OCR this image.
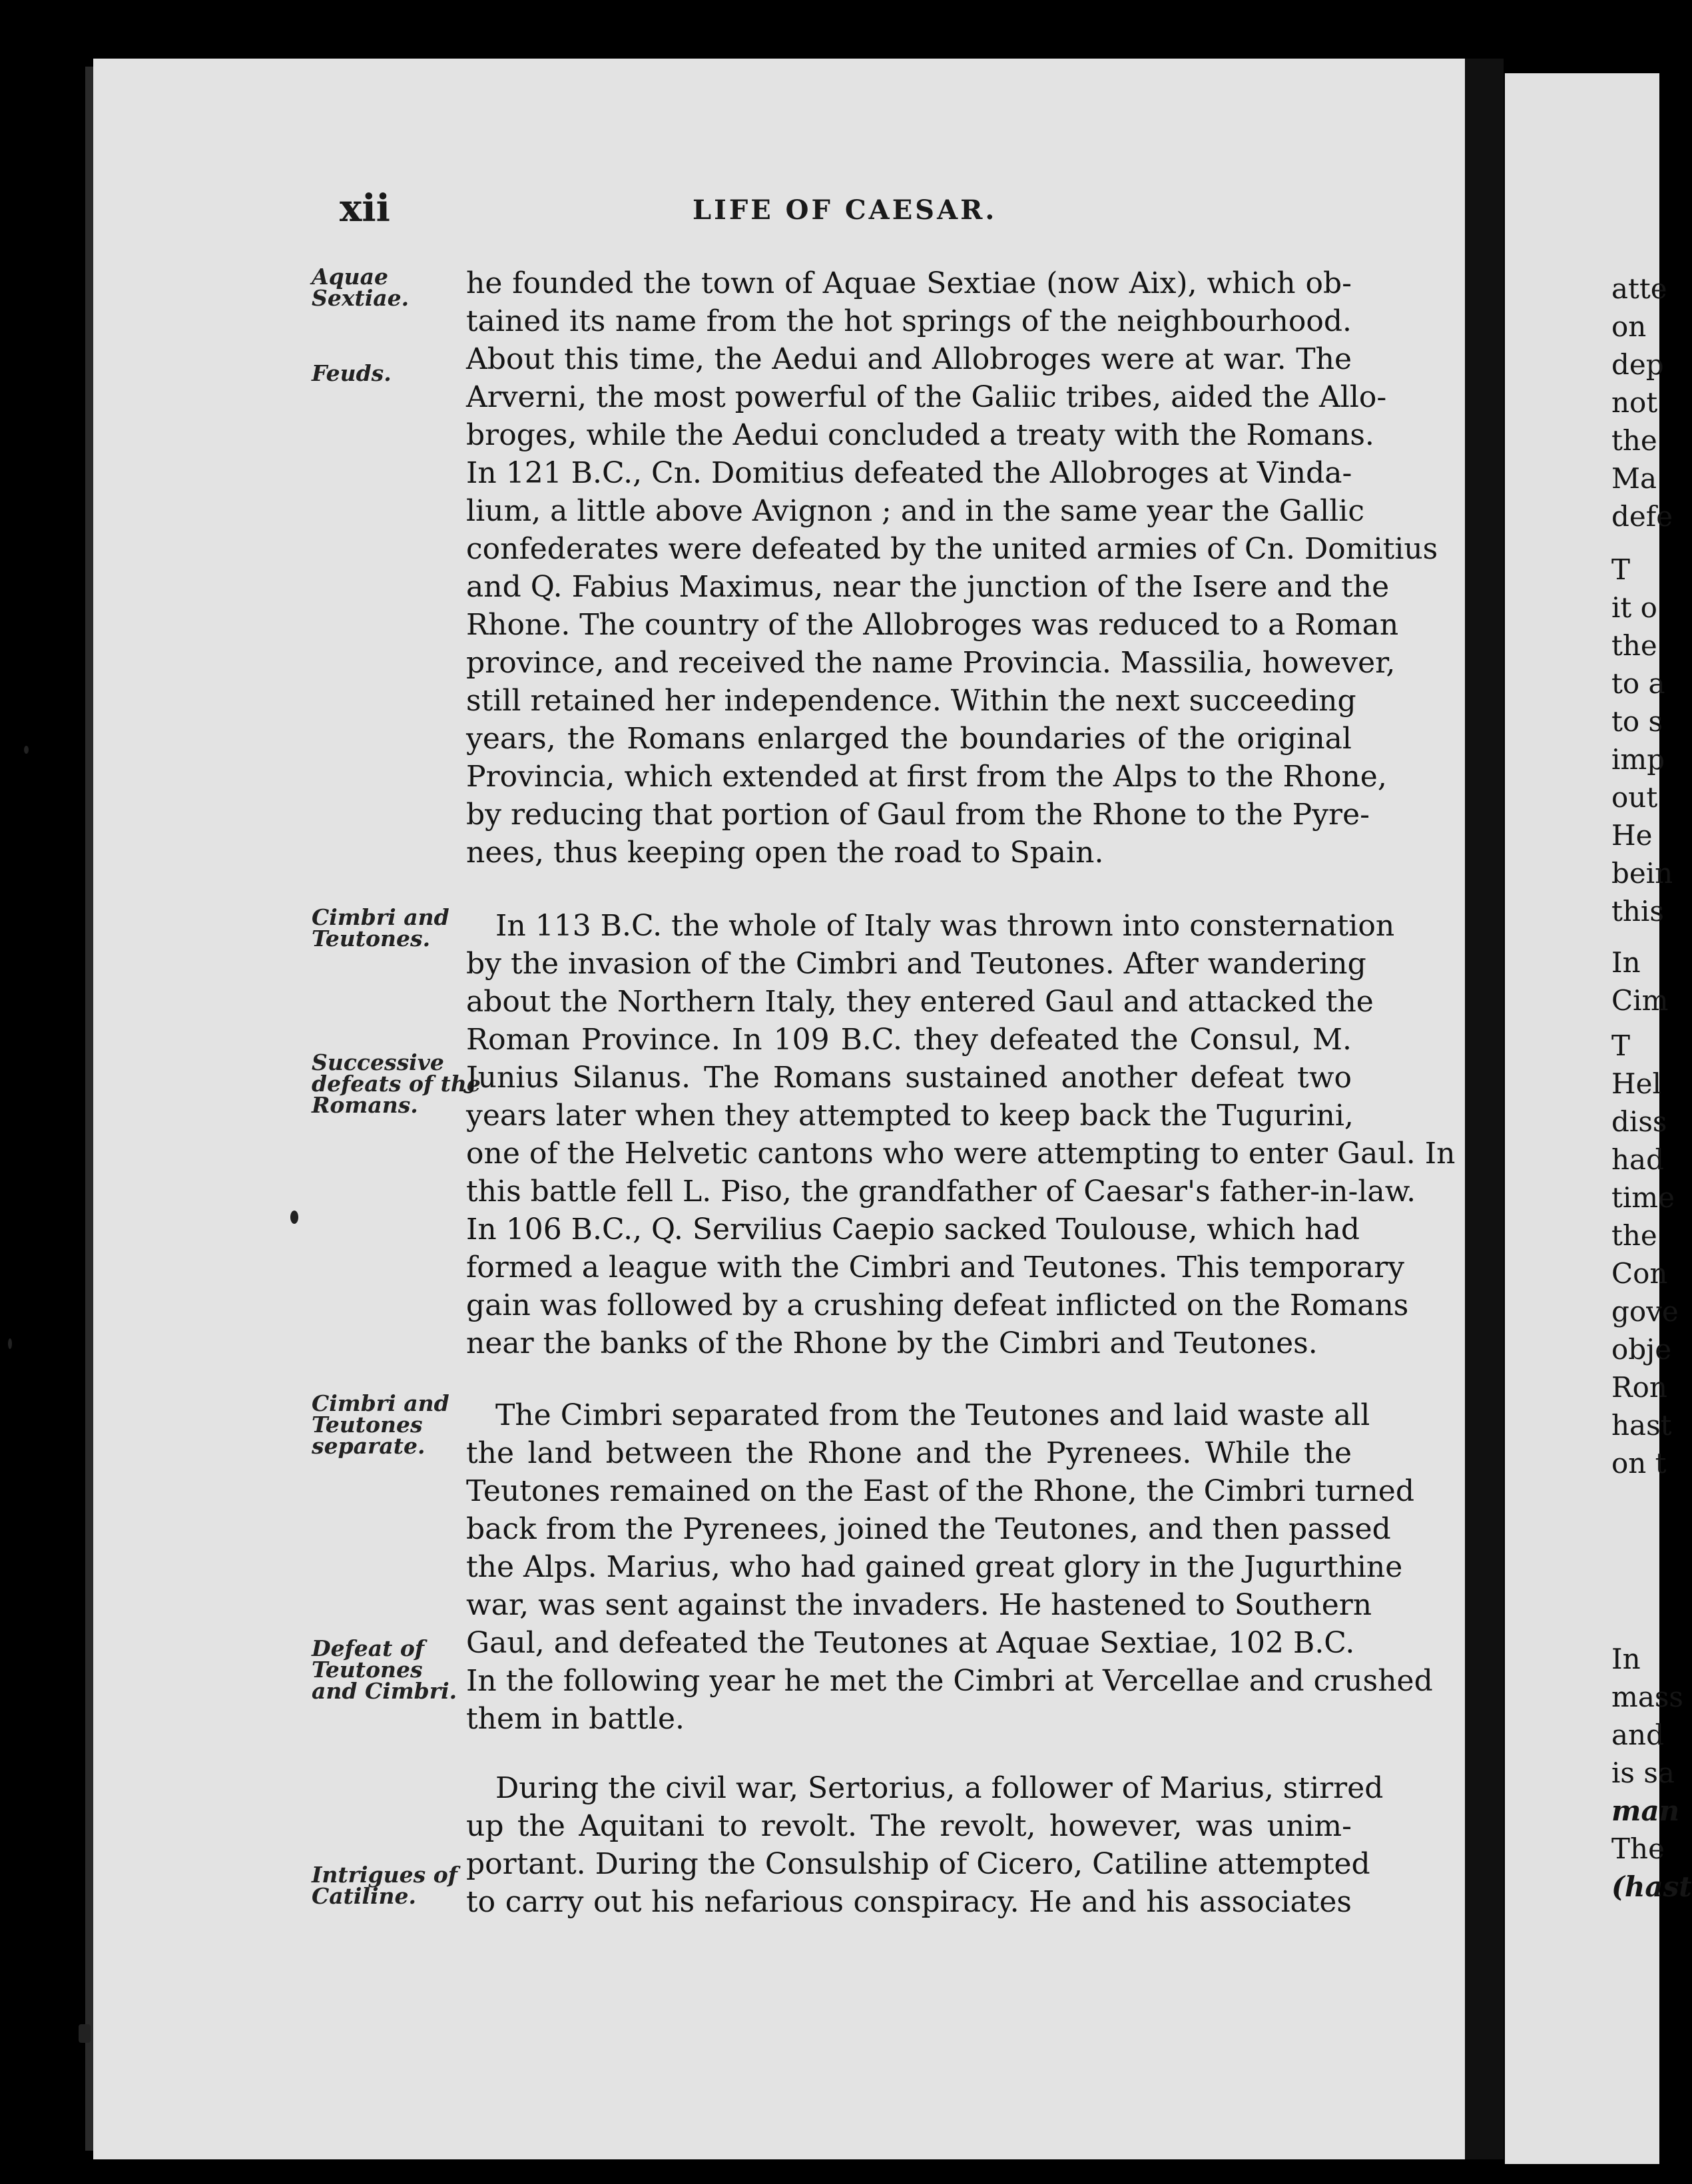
xii	LIFE OF CAESAR.
Aquae
Sextiae.
Feuds.
Cimbri and
Teutones.
Successive
defeats of the
Romans.
Cimbri and
Teutones
separate.
Defeat of
Teutones
and Cimbri.
Intrigues of
Catiline.
he founded the town of Aquae Sextiae (now Aix), which ob-
tained its name from the hot springs of the neighbourhood.
About this time, the Aedui and Allobroges were at war. The
Arverni, the most powerful of the Galiic tribes, aided the Allo-
broges, while the Aedui concluded a treaty with the Romans.
In 121 B.C., Cn. Domitius defeated the Allobroges at Vinda-
lium, a little above Avignon ; and in the same year the Gallic
confederates were defeated by the united armies of Cn. Domitius
and Q. Fabius Maximus, near the junction of the Isere and the
Rhone. The country of the Allobroges was reduced to a Roman
province, and received the name Provincia. Massilia, however,
still retained her independence. Within the next succeeding
years, the Romans enlarged the boundaries of the original
Provincia, which extended at first from the Alps to the Rhone,
by reducing that portion of Gaul from the Rhone to the Pyre-
nees, thus keeping open the road to Spain.
In 113 B.C. the whole of Italy was thrown into consternation
by the invasion of the Cimbri and Teutones. After wandering
about the Northern Italy, they entered Gaul and attacked the
Roman Province. In 109 B.C. they defeated the Consul, M.
Junius Silanus. The Romans sustained another defeat two
years later when they attempted to keep back the Tugurini,
one of the Helvetic cantons who were attempting to enter Gaul. In
this battle fell L. Piso, the grandfather of Caesar's father-in-law.
In 106 B.C., Q. Servilius Caepio sacked Toulouse, which had
formed a league with the Cimbri and Teutones. This temporary
gain was followed by a crushing defeat inflicted on the Romans
near the banks of the Rhone by the Cimbri and Teutones.
The Cimbri separated from the Teutones and laid waste all
the land between the Rhone and the Pyrenees. While the
Teutones remained on the East of the Rhone, the Cimbri turned
back from the Pyrenees, joined the Teutones, and then passed
the Alps. Marius, who had gained great glory in the Jugurthine
war, was sent against the invaders. He hastened to Southern
Gaul, and defeated the Teutones at Aquae Sextiae, 102 B.C.
In the following year he met the Cimbri at Vercellae and crushed
them in battle.
During the civil war, Sertorius, a follower of Marius, stirred
up the Aquitani to revolt. The revolt, however, was unim-
portant. During the Consulship of Cicero, Catiline attempted
to carry out his nefarious conspiracy. He and his associates
atte
on
dep
not
the
Ma
defe
T
it o
the
to a
to s
imp
out
He
bein
this
In
Cim
T
Hel
diss
had
time
the
Con
gove
obje
Ron
hast
on t
In
mass
and
is sa
man
The
(hast
